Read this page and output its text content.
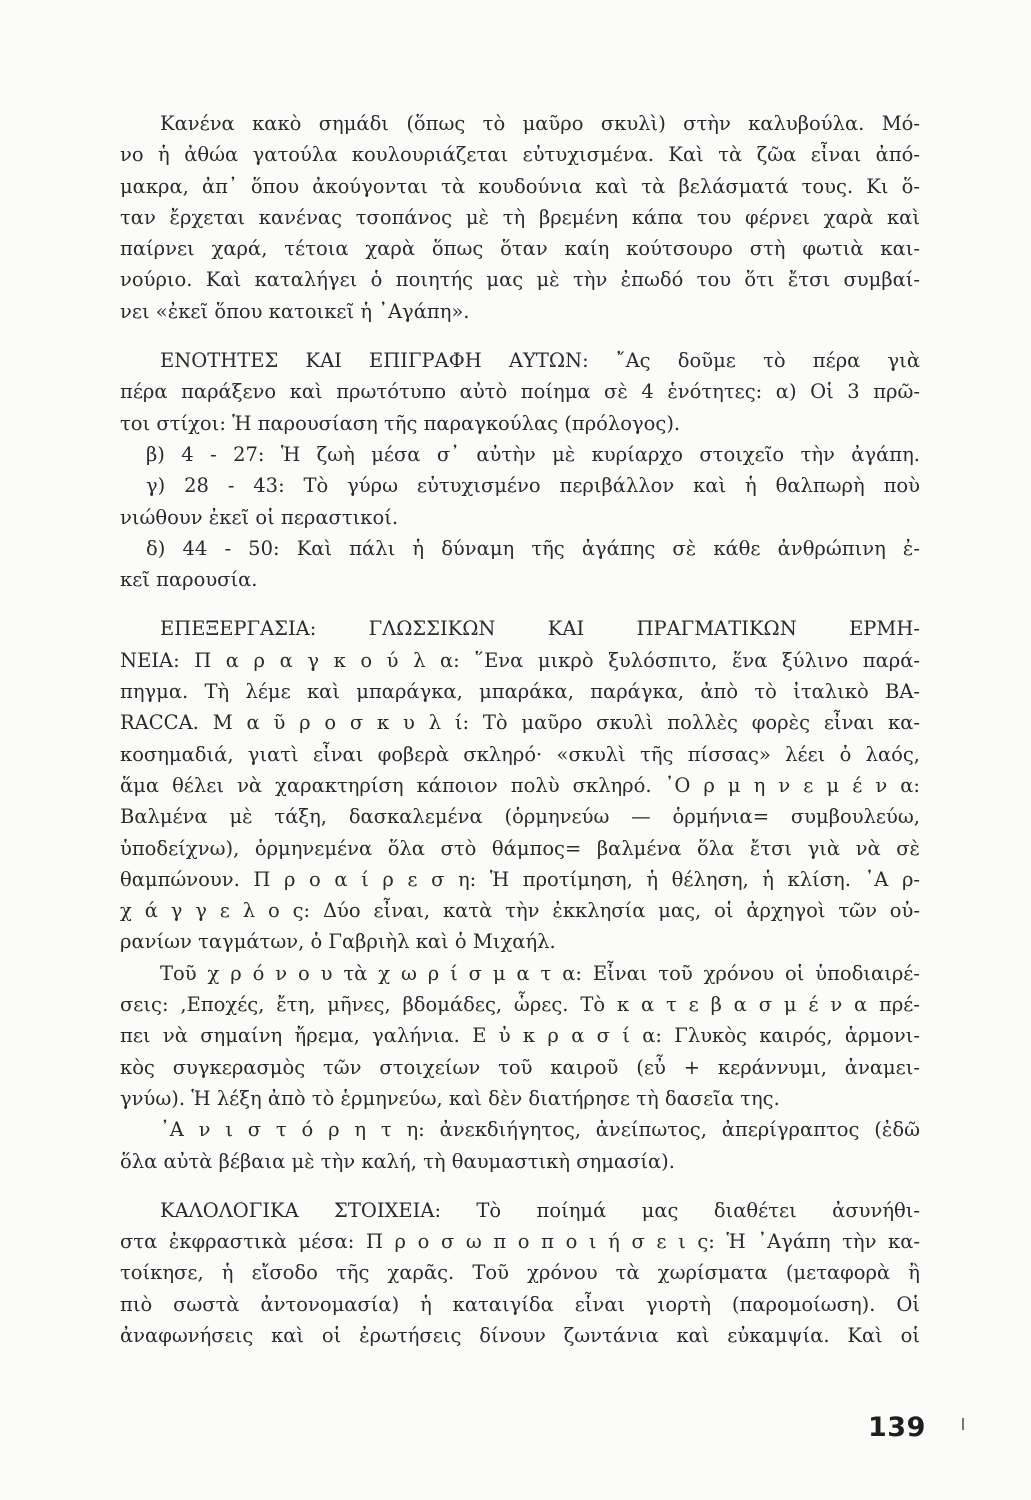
Κανένα κακὸ σημάδι (ὅπως τὸ μαῦρο σκυλὶ) στὴν καλυβούλα. Μό-
νο ἡ ἀθώα γατούλα κουλουριάζεται εὐτυχισμένα. Καὶ τὰ ζῶα εἶναι ἀπό-
μακρα, ἀπ᾿ ὅπου ἀκούγονται τὰ κουδούνια καὶ τὰ βελάσματά τους. Κι ὅ-
ταν ἔρχεται κανένας τσοπάνος μὲ τὴ βρεμένη κάπα του φέρνει χαρὰ καὶ
παίρνει χαρά, τέτοια χαρὰ ὅπως ὅταν καίη κούτσουρο στὴ φωτιὰ και-
νούριο. Καὶ καταλήγει ὁ ποιητής μας μὲ τὴν ἐπωδό του ὅτι ἔτσι συμβαί-
νει «ἐκεῖ ὅπου κατοικεῖ ἡ ᾿Αγάπη».
ΕΝΟΤΗΤΕΣ ΚΑΙ ΕΠΙΓΡΑΦΗ ΑΥΤΩΝ: ῎Ας δοῦμε τὸ πέρα γιὰ
πέρα παράξενο καὶ πρωτότυπο αὐτὸ ποίημα σὲ 4 ἑνότητες: α) Οἱ 3 πρῶ-
τοι στίχοι: Ἡ παρουσίαση τῆς παραγκούλας (πρόλογος).
β) 4 - 27: Ἡ ζωὴ μέσα σ᾿ αὐτὴν μὲ κυρίαρχο στοιχεῖο τὴν ἀγάπη.
γ) 28 - 43: Τὸ γύρω εὐτυχισμένο περιβάλλον καὶ ἡ θαλπωρὴ ποὺ
νιώθουν ἐκεῖ οἱ περαστικοί.
δ) 44 - 50: Καὶ πάλι ἡ δύναμη τῆς ἀγάπης σὲ κάθε ἀνθρώπινη ἐ-
κεῖ παρουσία.
ΕΠΕΞΕΡΓΑΣΙΑ: ΓΛΩΣΣΙΚΩΝ ΚΑΙ ΠΡΑΓΜΑΤΙΚΩΝ ΕΡΜΗ-
ΝΕΙΑ: Π α ρ α γ κ ο ύ λ α: ῞Ενα μικρὸ ξυλόσπιτο, ἕνα ξύλινο παρά-
πηγμα. Τὴ λέμε καὶ μπαράγκα, μπαράκα, παράγκα, ἀπὸ τὸ ἰταλικὸ ΒΑ-
RACCA. Μ α ῦ ρ ο σ κ υ λ ί: Τὸ μαῦρο σκυλὶ πολλὲς φορὲς εἶναι κα-
κοσημαδιά, γιατὶ εἶναι φοβερὰ σκληρό· «σκυλὶ τῆς πίσσας» λέει ὁ λαός,
ἅμα θέλει νὰ χαρακτηρίση κάποιον πολὺ σκληρό. ᾿Ο ρ μ η ν ε μ έ ν α:
Βαλμένα μὲ τάξη, δασκαλεμένα (ὁρμηνεύω — ὁρμήνια= συμβουλεύω,
ὑποδείχνω), ὁρμηνεμένα ὅλα στὸ θάμπος= βαλμένα ὅλα ἔτσι γιὰ νὰ σὲ
θαμπώνουν. Π ρ ο α ί ρ ε σ η: Ἡ προτίμηση, ἡ θέληση, ἡ κλίση. ᾿Α ρ-
χ ά γ γ ε λ ο ς: Δύο εἶναι, κατὰ τὴν ἐκκλησία μας, οἱ ἀρχηγοὶ τῶν οὐ-
ρανίων ταγμάτων, ὁ Γαβριὴλ καὶ ὁ Μιχαήλ.
Τοῦ χ ρ ό ν ο υ τὰ χ ω ρ ί σ μ α τ α: Εἶναι τοῦ χρόνου οἱ ὑποδιαιρέ-
σεις: ,Εποχές, ἔτη, μῆνες, βδομάδες, ὧρες. Τὸ κ α τ ε β α σ μ έ ν α πρέ-
πει νὰ σημαίνη ἤρεμα, γαλήνια. Ε ὐ κ ρ α σ ί α: Γλυκὸς καιρός, ἁρμονι-
κὸς συγκερασμὸς τῶν στοιχείων τοῦ καιροῦ (εὖ + κεράννυμι, ἀναμει-
γνύω). Ἡ λέξη ἀπὸ τὸ ἑρμηνεύω, καὶ δὲν διατήρησε τὴ δασεῖα της.
᾿Α ν ι σ τ ό ρ η τ η: ἀνεκδιήγητος, ἀνείπωτος, ἀπερίγραπτος (ἐδῶ
ὅλα αὐτὰ βέβαια μὲ τὴν καλή, τὴ θαυμαστικὴ σημασία).
ΚΑΛΟΛΟΓΙΚΑ ΣΤΟΙΧΕΙΑ: Τὸ ποίημά μας διαθέτει ἀσυνήθι-
στα ἐκφραστικὰ μέσα: Π ρ ο σ ω π ο π ο ι ή σ ε ι ς: Ἡ ᾿Αγάπη τὴν κα-
τοίκησε, ἡ εἴσοδο τῆς χαρᾶς. Τοῦ χρόνου τὰ χωρίσματα (μεταφορὰ ἢ
πιὸ σωστὰ ἀντονομασία) ἡ καταιγίδα εἶναι γιορτὴ (παρομοίωση). Οἱ
ἀναφωνήσεις καὶ οἱ ἐρωτήσεις δίνουν ζωντάνια καὶ εὐκαμψία. Καὶ οἱ
139
